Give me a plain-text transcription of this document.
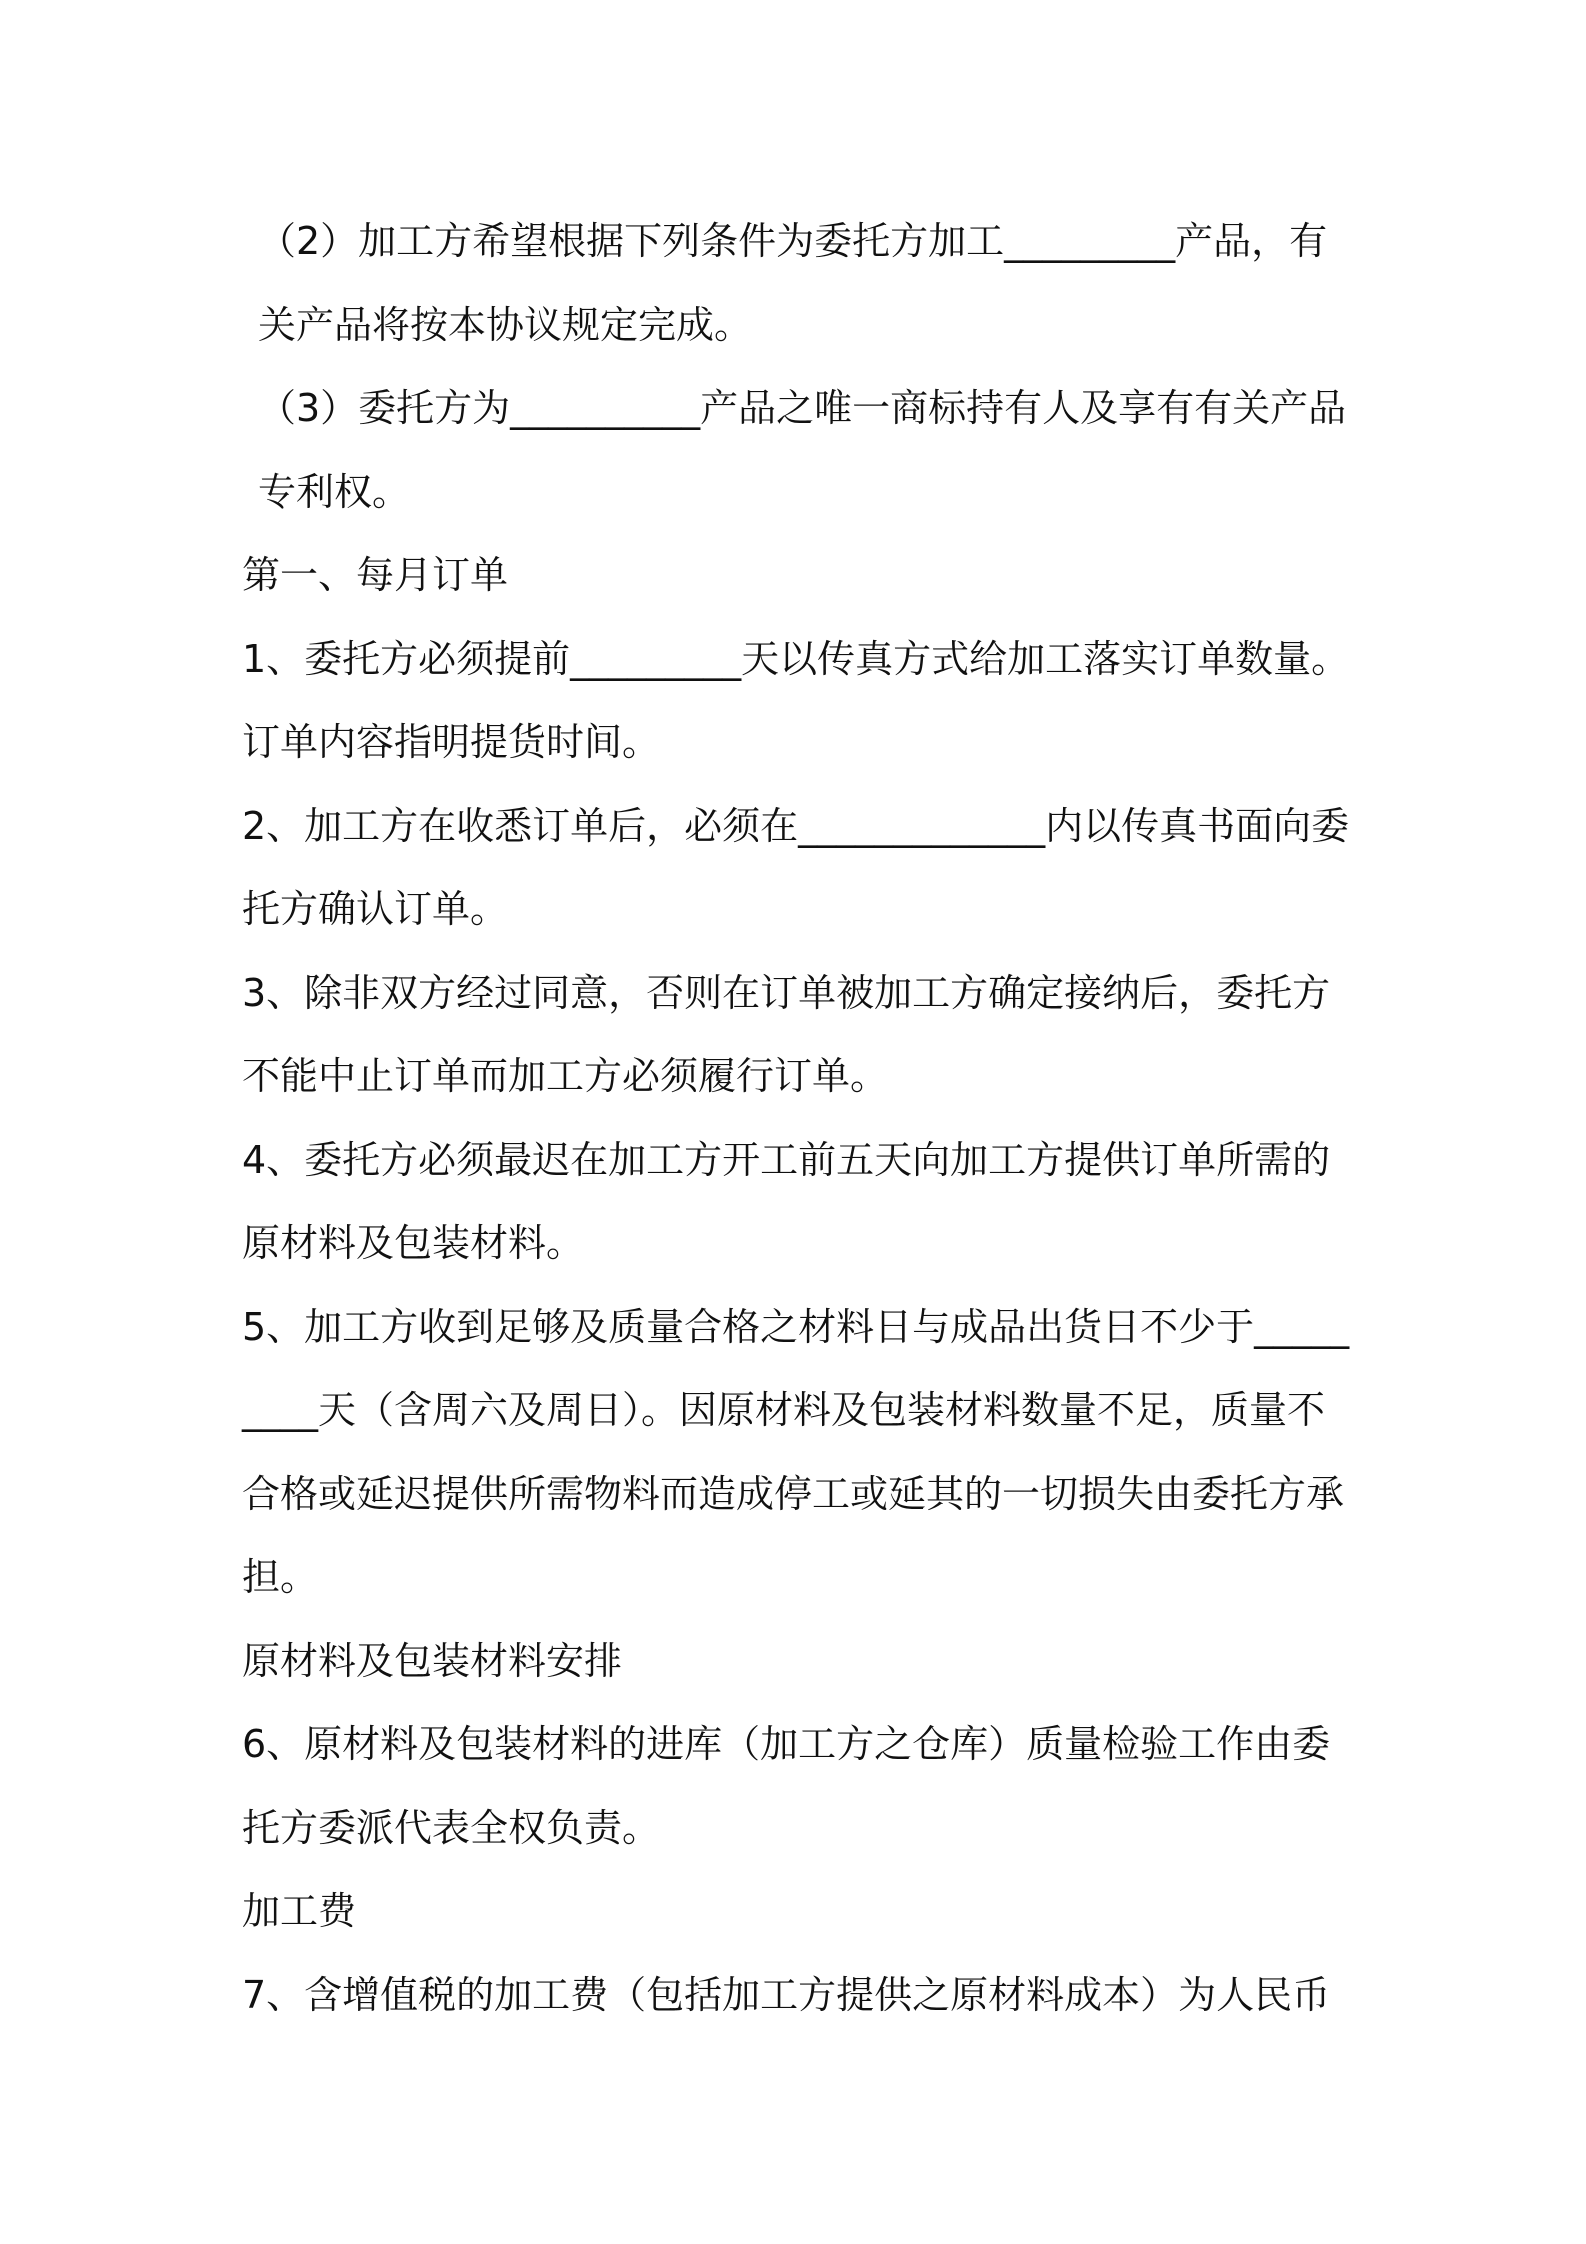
（2）加工方希望根据下列条件为委托方加工_________产品，有关产品将按本协议规定完成。

（3）委托方为__________产品之唯一商标持有人及享有有关产品专利权。

第一、每月订单

1、委托方必须提前_________天以传真方式给加工落实订单数量。订单内容指明提货时间。

2、加工方在收悉订单后，必须在_____________内以传真书面向委托方确认订单。

3、除非双方经过同意，否则在订单被加工方确定接纳后，委托方不能中止订单而加工方必须履行订单。

4、委托方必须最迟在加工方开工前五天向加工方提供订单所需的原材料及包装材料。

5、加工方收到足够及质量合格之材料日与成品出货日不少于_________天（含周六及周日）。因原材料及包装材料数量不足，质量不合格或延迟提供所需物料而造成停工或延其的一切损失由委托方承担。

原材料及包装材料安排

6、原材料及包装材料的进库（加工方之仓库）质量检验工作由委托方委派代表全权负责。

加工费

7、含增值税的加工费（包括加工方提供之原材料成本）为人民币
